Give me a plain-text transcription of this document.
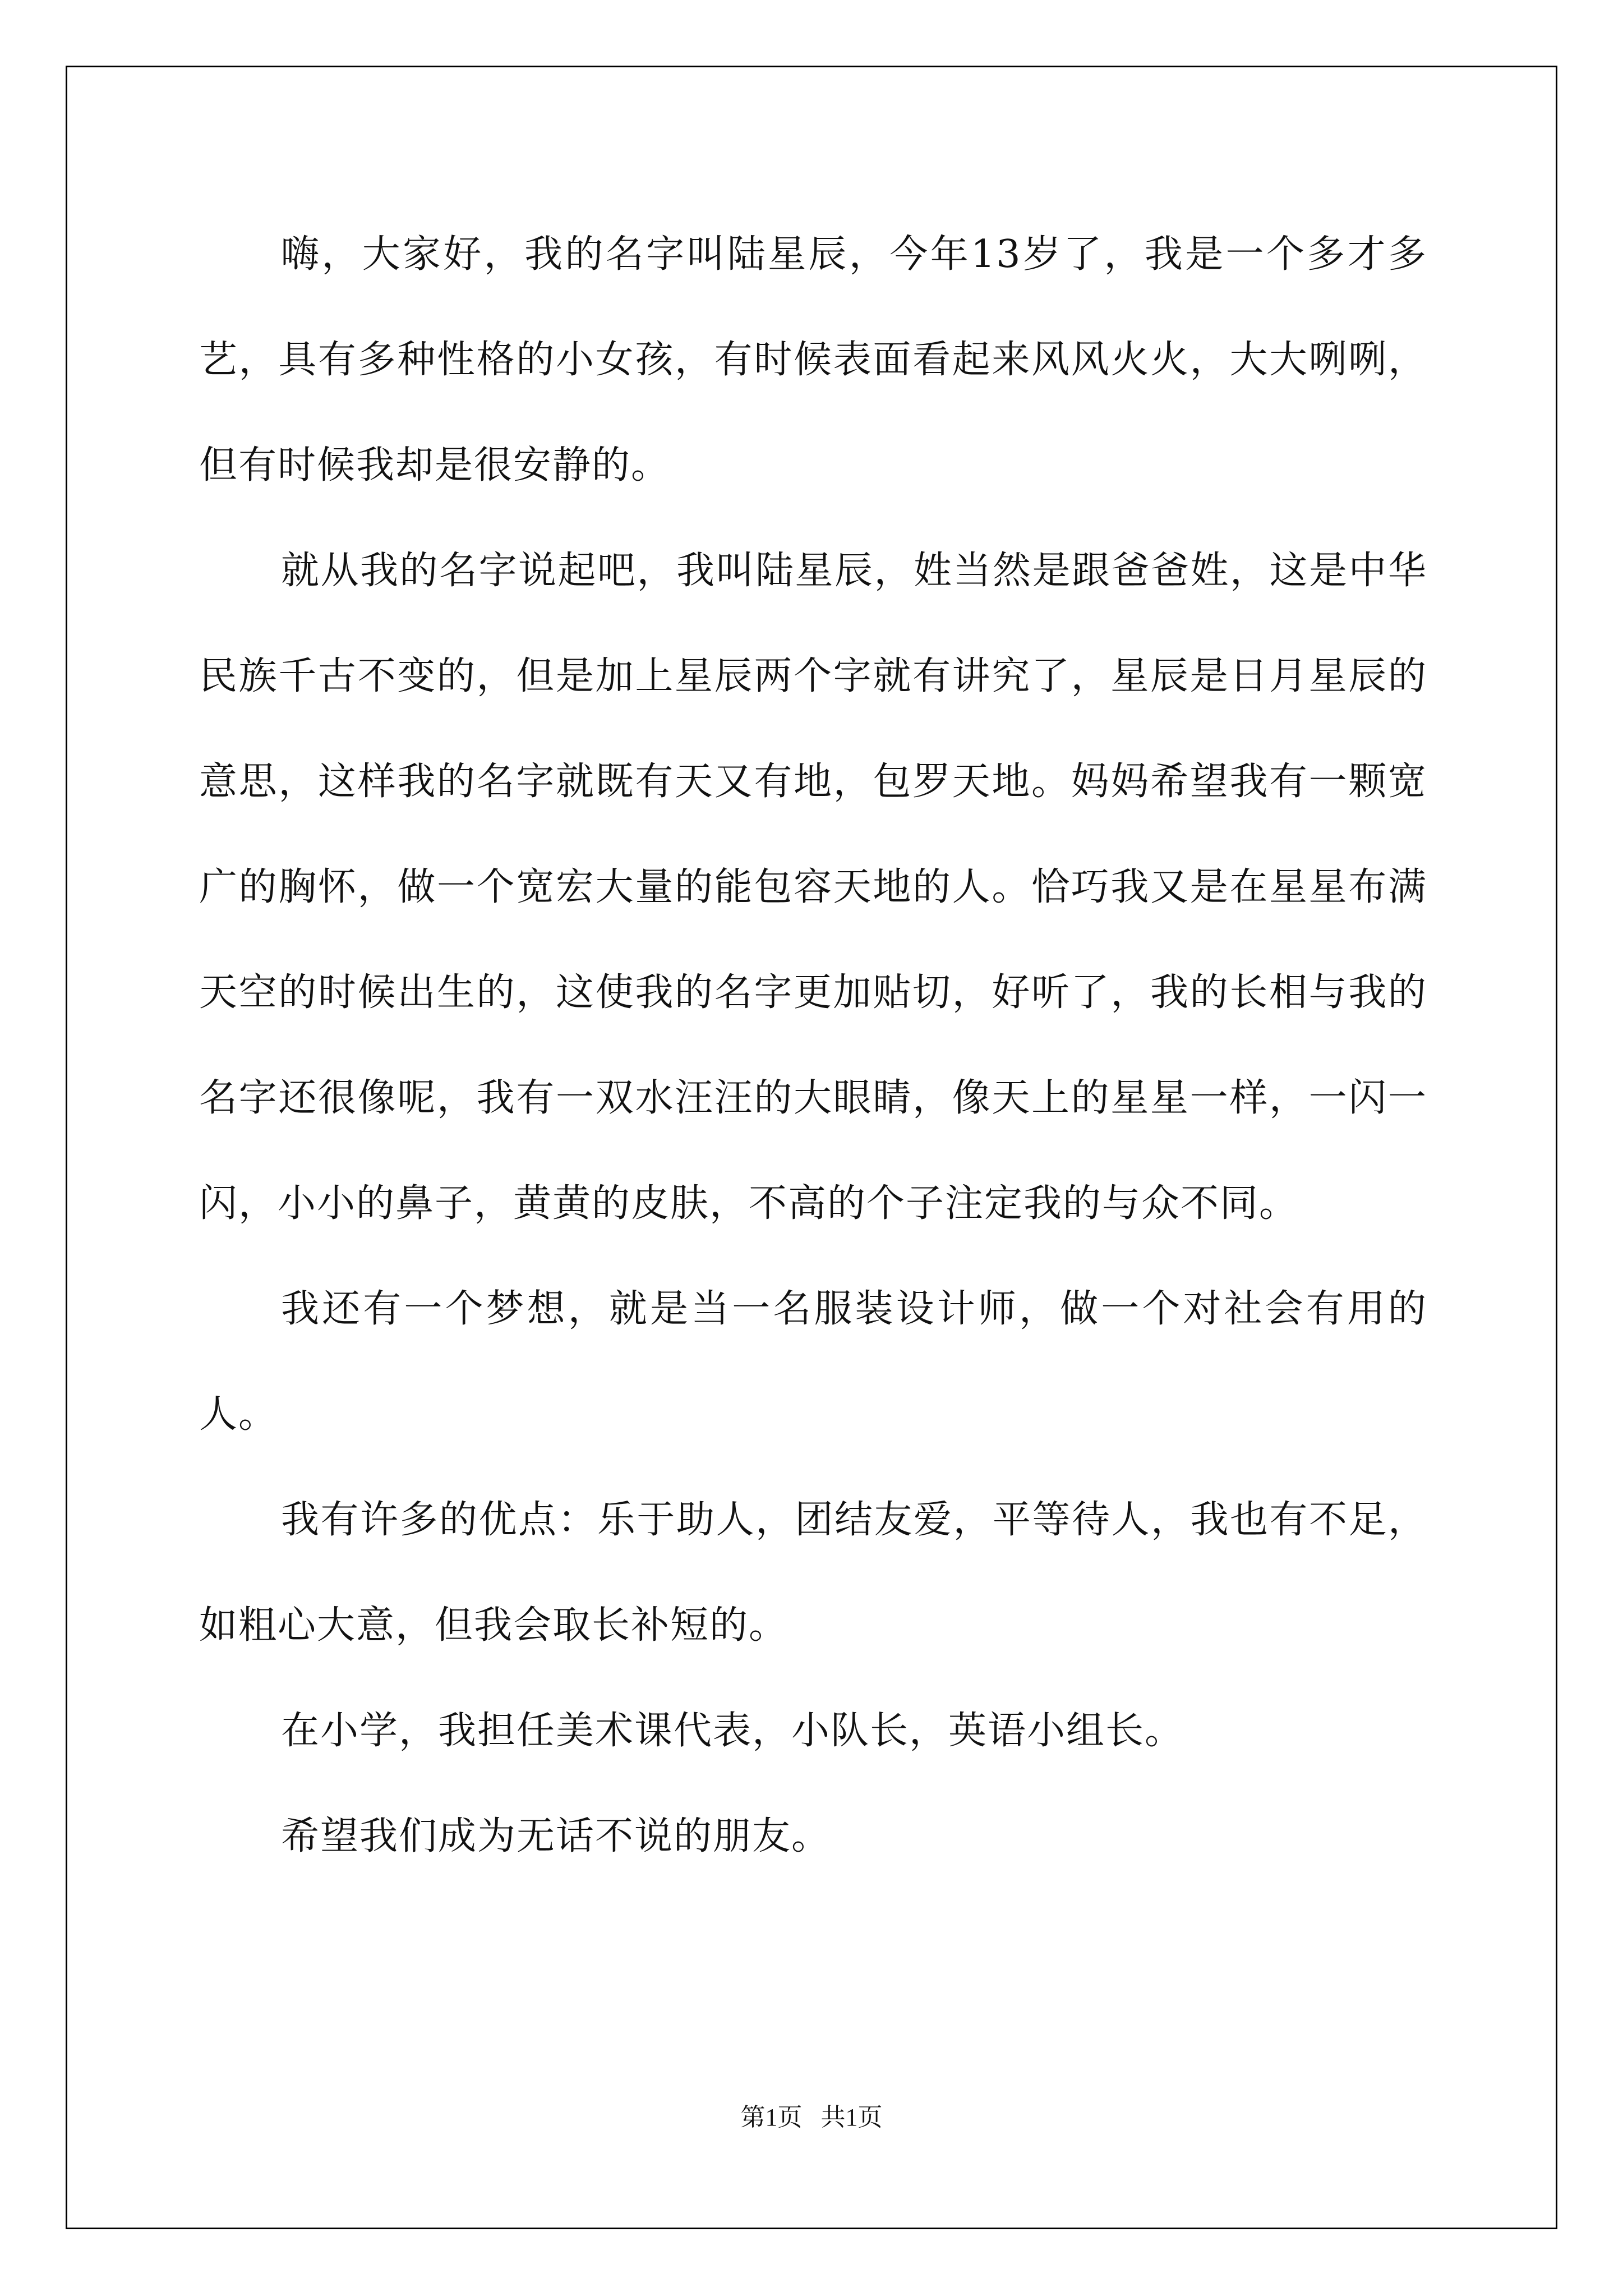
嗨，大家好，我的名字叫陆星辰，今年13岁了，我是一个多才多艺，具有多种性格的小女孩，有时候表面看起来风风火火，大大咧咧，但有时候我却是很安静的。

就从我的名字说起吧，我叫陆星辰，姓当然是跟爸爸姓，这是中华民族千古不变的，但是加上星辰两个字就有讲究了，星辰是日月星辰的意思，这样我的名字就既有天又有地，包罗天地。妈妈希望我有一颗宽广的胸怀，做一个宽宏大量的能包容天地的人。恰巧我又是在星星布满天空的时候出生的，这使我的名字更加贴切，好听了，我的长相与我的名字还很像呢，我有一双水汪汪的大眼睛，像天上的星星一样，一闪一闪，小小的鼻子，黄黄的皮肤，不高的个子注定我的与众不同。

我还有一个梦想，就是当一名服装设计师，做一个对社会有用的人。

我有许多的优点：乐于助人，团结友爱，平等待人，我也有不足，如粗心大意，但我会取长补短的。

在小学，我担任美术课代表，小队长，英语小组长。

希望我们成为无话不说的朋友。

第1页   共1页
